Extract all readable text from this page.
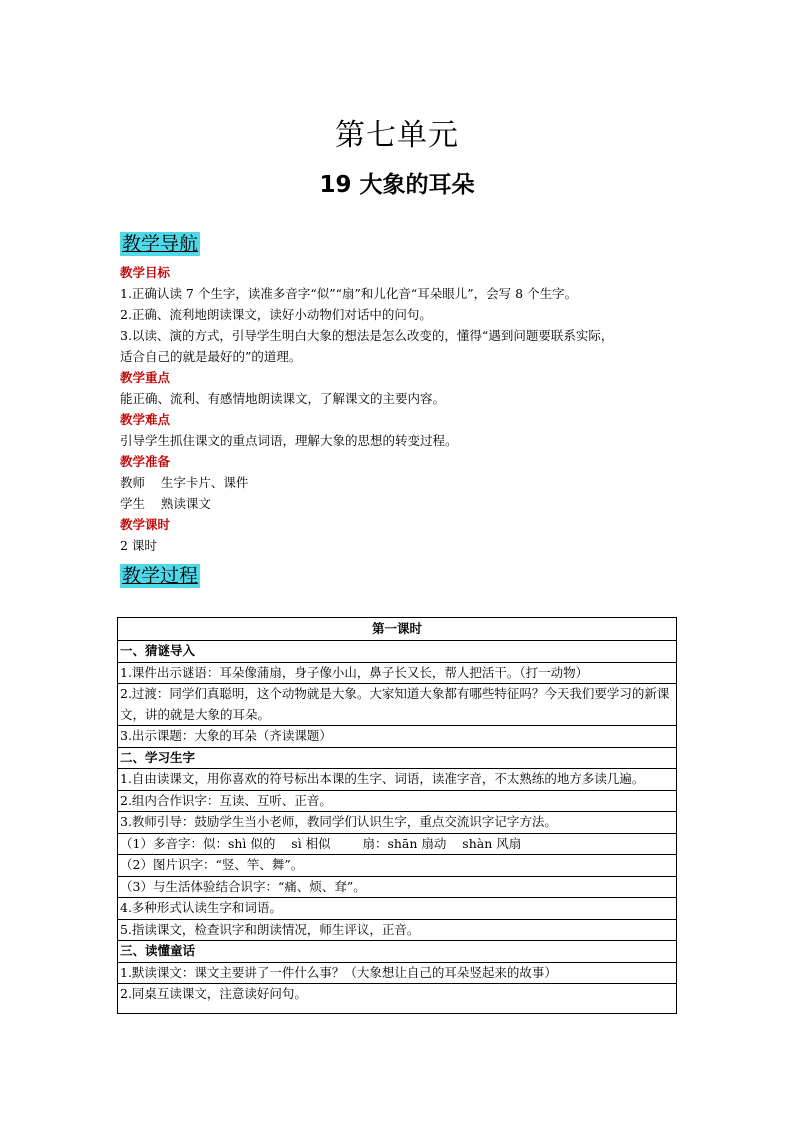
第七单元
19 大象的耳朵
教学导航
教学目标
1.正确认读 7 个生字，读准多音字“似”“扇”和儿化音“耳朵眼儿”，会写 8 个生字。
2.正确、流利地朗读课文，读好小动物们对话中的问句。
3.以读、演的方式，引导学生明白大象的想法是怎么改变的，懂得“遇到问题要联系实际，
适合自己的就是最好的”的道理。
教学重点
能正确、流利、有感情地朗读课文，了解课文的主要内容。
教学难点
引导学生抓住课文的重点词语，理解大象的思想的转变过程。
教学准备
教师    生字卡片、课件
学生    熟读课文
教学课时
2 课时
教学过程
第一课时
一、猜谜导入
1.课件出示谜语：耳朵像蒲扇，身子像小山，鼻子长又长，帮人把活干。（打一动物）
2.过渡：同学们真聪明，这个动物就是大象。大家知道大象都有哪些特征吗？今天我们要学习的新课文，讲的就是大象的耳朵。
3.出示课题：大象的耳朵（齐读课题）
二、学习生字
1.自由读课文，用你喜欢的符号标出本课的生字、词语，读准字音，不太熟练的地方多读几遍。
2.组内合作识字：互读、互听、正音。
3.教师引导：鼓励学生当小老师，教同学们认识生字，重点交流识字记字方法。
（1）多音字：似：shì 似的    sì 相似        扇：shān 扇动    shàn 风扇
（2）图片识字：“竖、竿、舞”。
（3）与生活体验结合识字：“痛、烦、耷”。
4.多种形式认读生字和词语。
5.指读课文，检查识字和朗读情况，师生评议，正音。
三、读懂童话
1.默读课文：课文主要讲了一件什么事？（大象想让自己的耳朵竖起来的故事）
2.同桌互读课文，注意读好问句。
